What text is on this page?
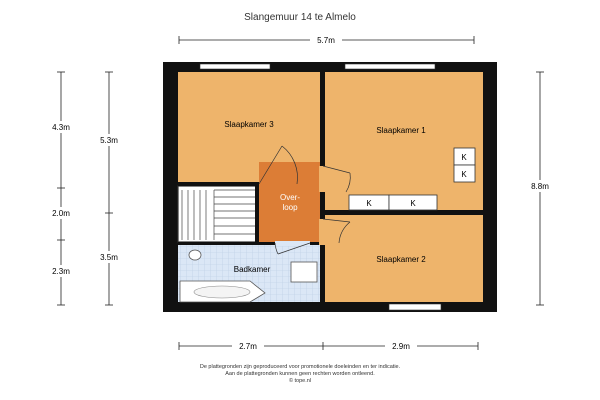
Slangemuur 14 te Almelo
K	K
K
K
Slaapkamer 3
Slaapkamer 1
Over-
loop
Badkamer
Slaapkamer 2
5.7m
2.7m	2.9m
4.3m
2.0m
2.3m
5.3m
3.5m
8.8m
De plattegronden zijn geproduceerd voor promotionele doeleinden en ter indicatie.
Aan de plattegronden kunnen geen rechten worden ontleend.
© tope.nl
